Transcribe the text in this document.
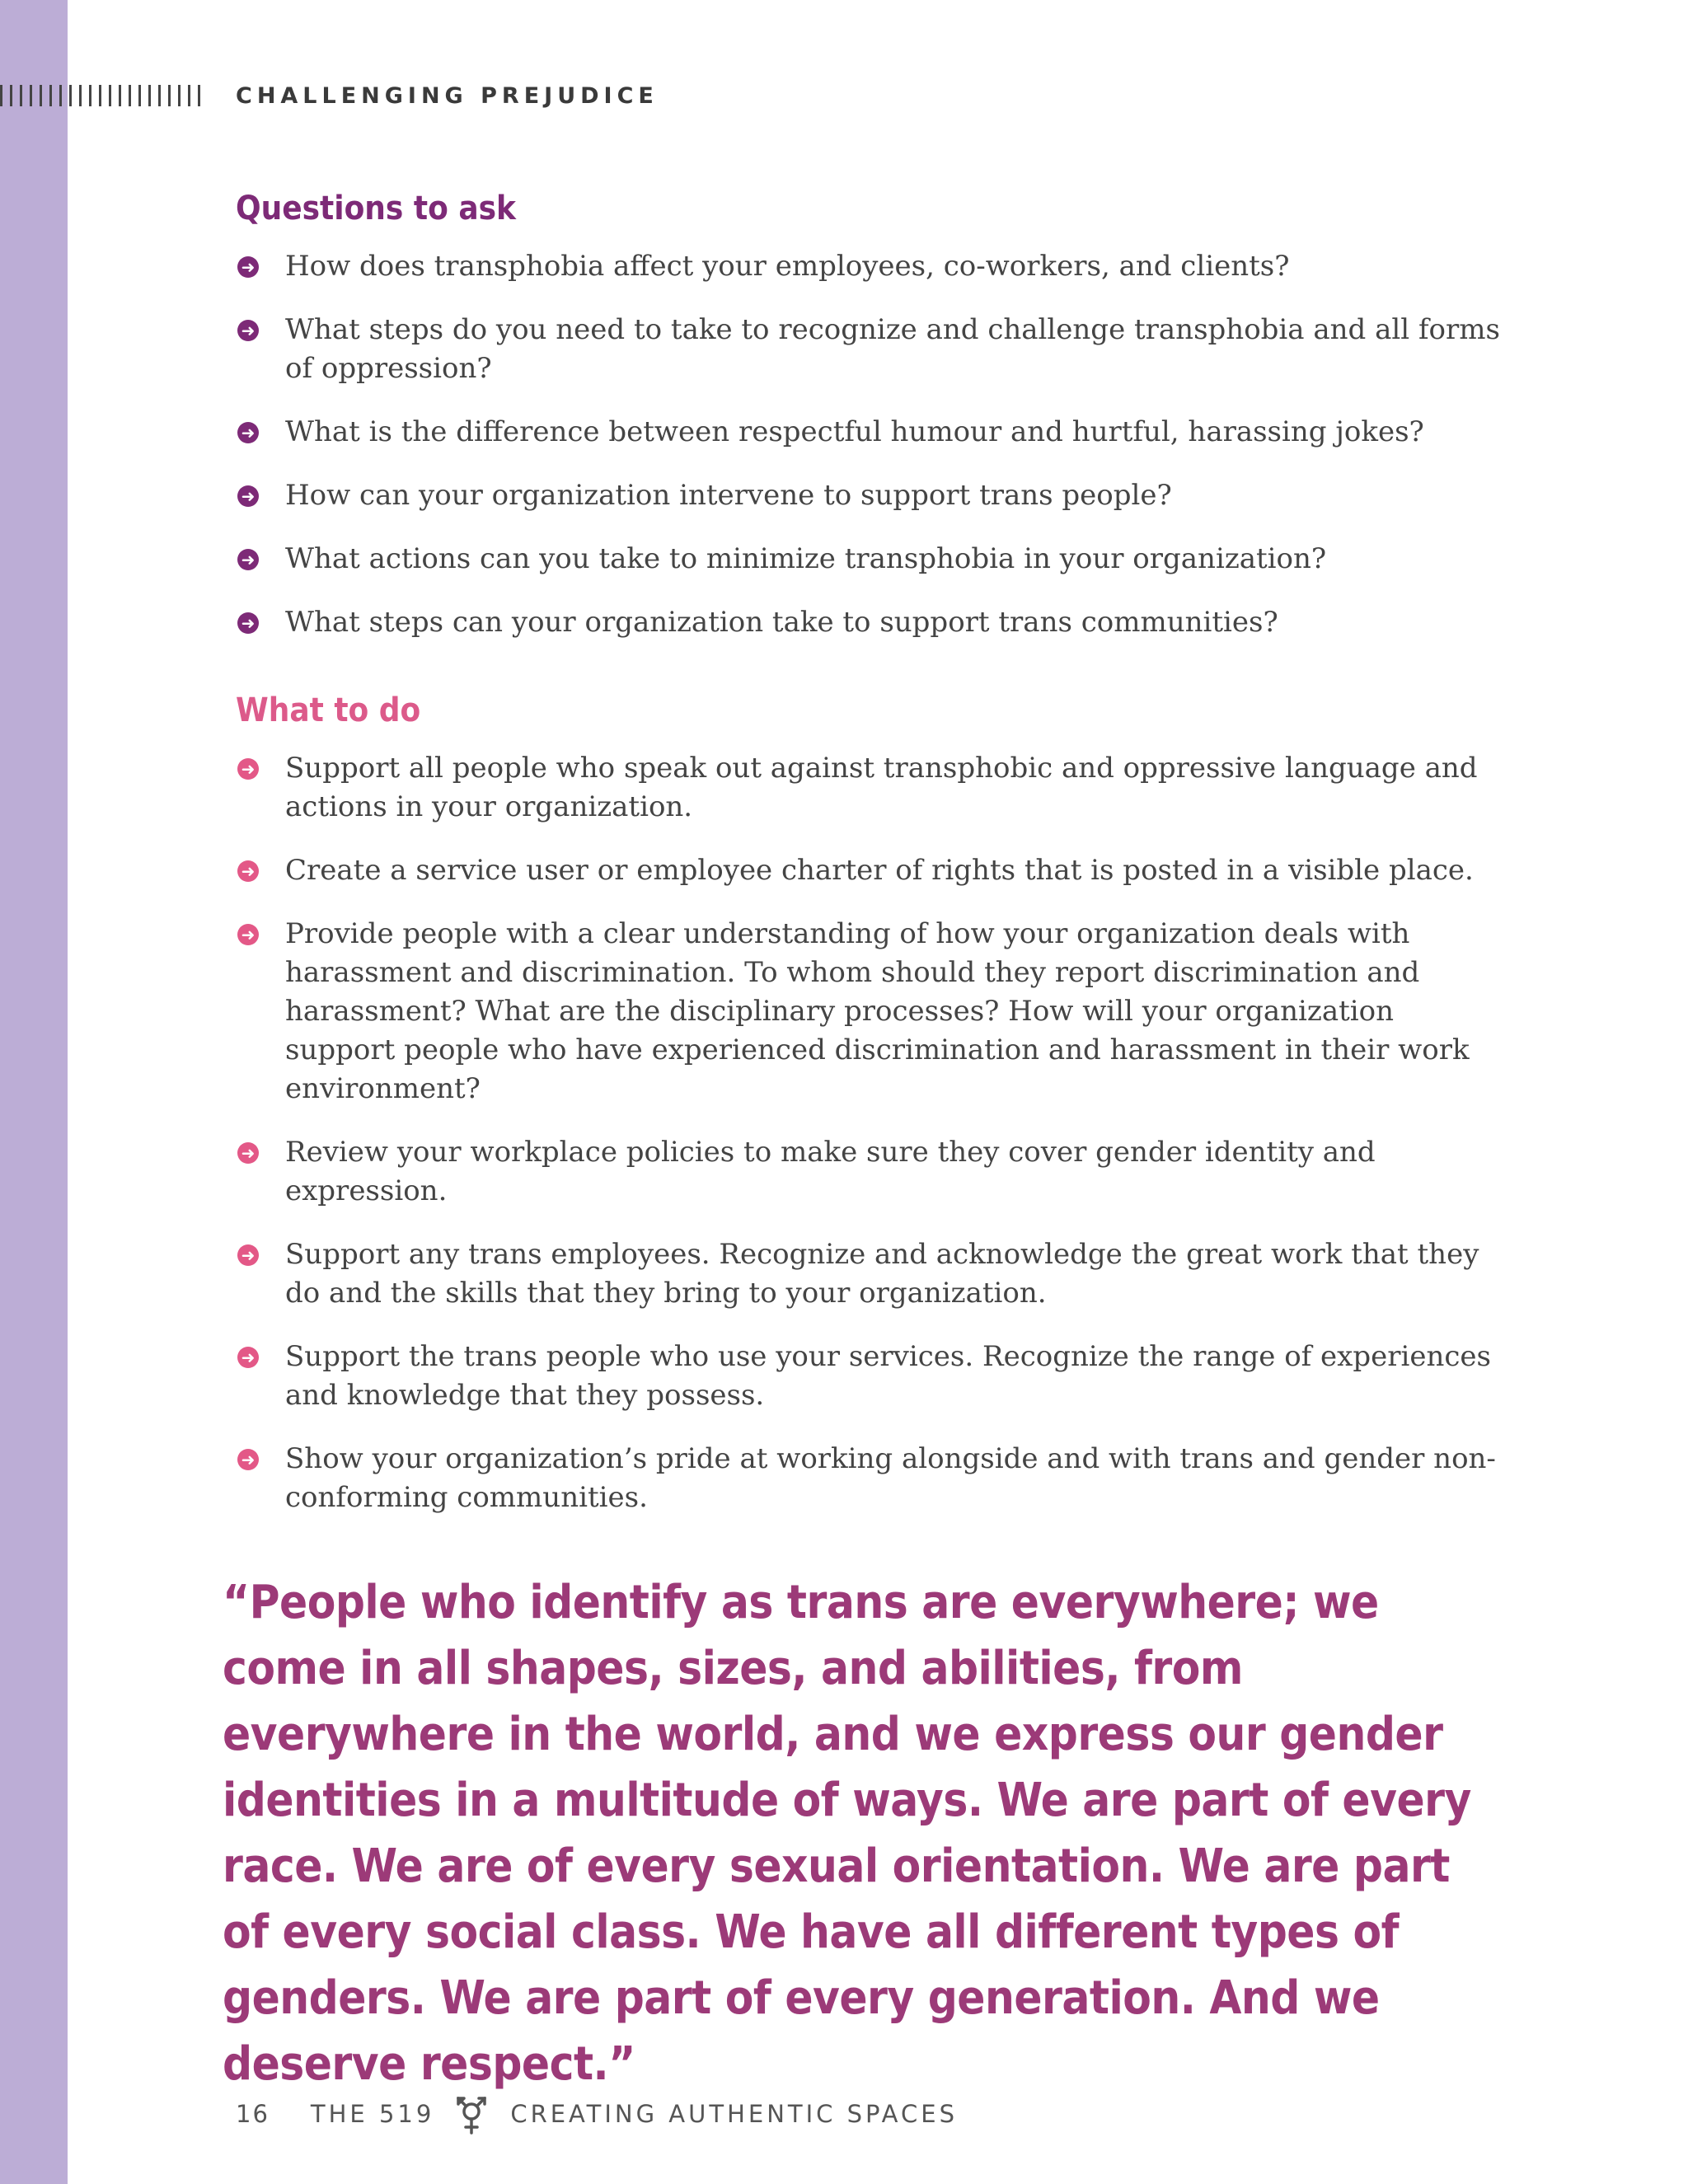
CHALLENGING PREJUDICE
Questions to ask
➜ How does transphobia affect your employees, co-workers, and clients?
➜ What steps do you need to take to recognize and challenge transphobia and all forms of oppression?
➜ What is the difference between respectful humour and hurtful, harassing jokes?
➜ How can your organization intervene to support trans people?
➜ What actions can you take to minimize transphobia in your organization?
➜ What steps can your organization take to support trans communities?
What to do
➜ Support all people who speak out against transphobic and oppressive language and actions in your organization.
➜ Create a service user or employee charter of rights that is posted in a visible place.
➜ Provide people with a clear understanding of how your organization deals with harassment and discrimination. To whom should they report discrimination and harassment? What are the disciplinary processes? How will your organization support people who have experienced discrimination and harassment in their work environment?
➜ Review your workplace policies to make sure they cover gender identity and expression.
➜ Support any trans employees. Recognize and acknowledge the great work that they do and the skills that they bring to your organization.
➜ Support the trans people who use your services. Recognize the range of experiences and knowledge that they possess.
➜ Show your organization’s pride at working alongside and with trans and gender non-conforming communities.
“People who identify as trans are everywhere; we come in all shapes, sizes, and abilities, from everywhere in the world, and we express our gender identities in a multitude of ways. We are part of every race. We are of every sexual orientation. We are part of every social class. We have all different types of genders. We are part of every generation. And we deserve respect.”
16 THE 519	CREATING AUTHENTIC SPACES
